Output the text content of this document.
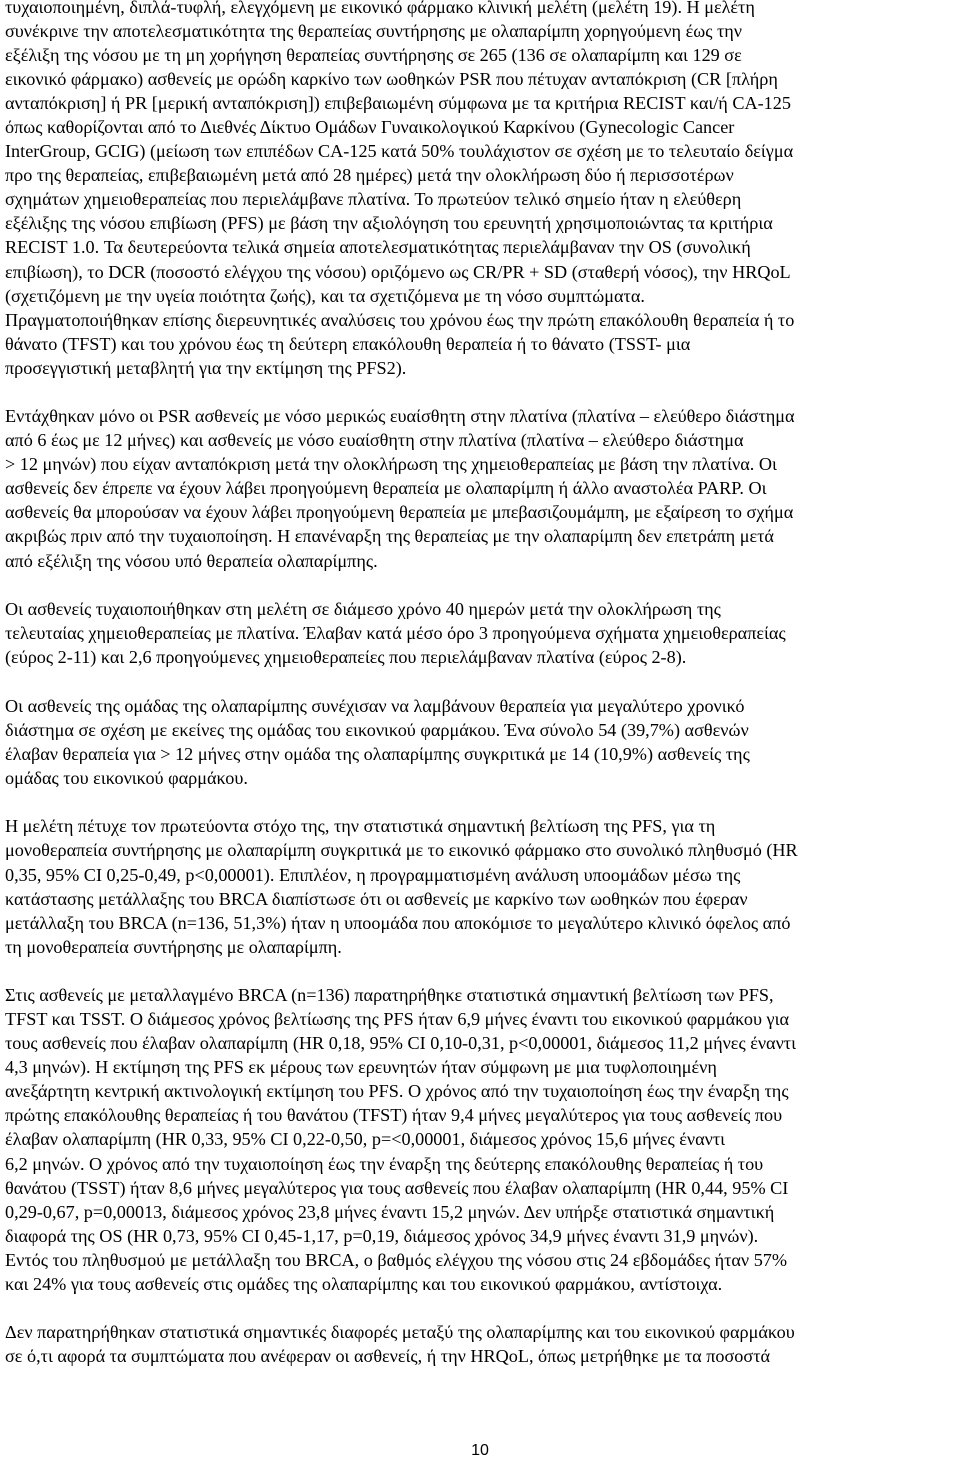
τυχαιοποιημένη, διπλά-τυφλή, ελεγχόμενη με εικονικό φάρμακο κλινική μελέτη (μελέτη 19). Η μελέτη
συνέκρινε την αποτελεσματικότητα της θεραπείας συντήρησης με ολαπαρίμπη χορηγούμενη έως την
εξέλιξη της νόσου με τη μη χορήγηση θεραπείας συντήρησης σε 265 (136 σε ολαπαρίμπη και 129 σε
εικονικό φάρμακο) ασθενείς με ορώδη καρκίνο των ωοθηκών PSR που πέτυχαν ανταπόκριση (CR [πλήρη
ανταπόκριση] ή PR [μερική ανταπόκριση]) επιβεβαιωμένη σύμφωνα με τα κριτήρια RECIST και/ή CA-125
όπως καθορίζονται από το Διεθνές Δίκτυο Ομάδων Γυναικολογικού Καρκίνου (Gynecologic Cancer
InterGroup, GCIG) (μείωση των επιπέδων CA-125 κατά 50% τουλάχιστον σε σχέση με το τελευταίο δείγμα
προ της θεραπείας, επιβεβαιωμένη μετά από 28 ημέρες) μετά την ολοκλήρωση δύο ή περισσοτέρων
σχημάτων χημειοθεραπείας που περιελάμβανε πλατίνα. Το πρωτεύον τελικό σημείο ήταν η ελεύθερη
εξέλιξης της νόσου επιβίωση (PFS) με βάση την αξιολόγηση του ερευνητή χρησιμοποιώντας τα κριτήρια
RECIST 1.0. Τα δευτερεύοντα τελικά σημεία αποτελεσματικότητας περιελάμβαναν την OS (συνολική
επιβίωση), το DCR (ποσοστό ελέγχου της νόσου) οριζόμενο ως CR/PR + SD (σταθερή νόσος), την HRQoL
(σχετιζόμενη με την υγεία ποιότητα ζωής), και τα σχετιζόμενα με τη νόσο συμπτώματα.
Πραγματοποιήθηκαν επίσης διερευνητικές αναλύσεις του χρόνου έως την πρώτη επακόλουθη θεραπεία ή το
θάνατο (TFST) και του χρόνου έως τη δεύτερη επακόλουθη θεραπεία ή το θάνατο (TSST- μια
προσεγγιστική μεταβλητή για την εκτίμηση της PFS2).

Εντάχθηκαν μόνο οι PSR ασθενείς με νόσο μερικώς ευαίσθητη στην πλατίνα (πλατίνα – ελεύθερο διάστημα
από 6 έως με 12 μήνες) και ασθενείς με νόσο ευαίσθητη στην πλατίνα (πλατίνα – ελεύθερο διάστημα
> 12 μηνών) που είχαν ανταπόκριση μετά την ολοκλήρωση της χημειοθεραπείας με βάση την πλατίνα. Οι
ασθενείς δεν έπρεπε να έχουν λάβει προηγούμενη θεραπεία με ολαπαρίμπη ή άλλο αναστολέα PARP. Οι
ασθενείς θα μπορούσαν να έχουν λάβει προηγούμενη θεραπεία με μπεβασιζουμάμπη, με εξαίρεση το σχήμα
ακριβώς πριν από την τυχαιοποίηση. Η επανέναρξη της θεραπείας με την ολαπαρίμπη δεν επετράπη μετά
από εξέλιξη της νόσου υπό θεραπεία ολαπαρίμπης.

Οι ασθενείς τυχαιοποιήθηκαν στη μελέτη σε διάμεσο χρόνο 40 ημερών μετά την ολοκλήρωση της
τελευταίας χημειοθεραπείας με πλατίνα. Έλαβαν κατά μέσο όρο 3 προηγούμενα σχήματα χημειοθεραπείας
(εύρος 2-11) και 2,6 προηγούμενες χημειοθεραπείες που περιελάμβαναν πλατίνα (εύρος 2-8).

Οι ασθενείς της ομάδας της ολαπαρίμπης συνέχισαν να λαμβάνουν θεραπεία για μεγαλύτερο χρονικό
διάστημα σε σχέση με εκείνες της ομάδας του εικονικού φαρμάκου. Ένα σύνολο 54 (39,7%) ασθενών
έλαβαν θεραπεία για > 12 μήνες στην ομάδα της ολαπαρίμπης συγκριτικά με 14 (10,9%) ασθενείς της
ομάδας του εικονικού φαρμάκου.

Η μελέτη πέτυχε τον πρωτεύοντα στόχο της, την στατιστικά σημαντική βελτίωση της PFS, για τη
μονοθεραπεία συντήρησης με ολαπαρίμπη συγκριτικά με το εικονικό φάρμακο στο συνολικό πληθυσμό (HR
0,35, 95% CI 0,25-0,49, p<0,00001). Επιπλέον, η προγραμματισμένη ανάλυση υποομάδων μέσω της
κατάστασης μετάλλαξης του BRCA διαπίστωσε ότι οι ασθενείς με καρκίνο των ωοθηκών που έφεραν
μετάλλαξη του BRCA (n=136, 51,3%) ήταν η υποομάδα που αποκόμισε το μεγαλύτερο κλινικό όφελος από
τη μονοθεραπεία συντήρησης με ολαπαρίμπη.

Στις ασθενείς με μεταλλαγμένο BRCA (n=136) παρατηρήθηκε στατιστικά σημαντική βελτίωση των PFS,
TFST και TSST. Ο διάμεσος χρόνος βελτίωσης της PFS ήταν 6,9 μήνες έναντι του εικονικού φαρμάκου για
τους ασθενείς που έλαβαν ολαπαρίμπη (HR 0,18, 95% CI 0,10-0,31, p<0,00001, διάμεσος 11,2 μήνες έναντι
4,3 μηνών). Η εκτίμηση της PFS εκ μέρους των ερευνητών ήταν σύμφωνη με μια τυφλοποιημένη
ανεξάρτητη κεντρική ακτινολογική εκτίμηση του PFS. Ο χρόνος από την τυχαιοποίηση έως την έναρξη της
πρώτης επακόλουθης θεραπείας ή του θανάτου (TFST) ήταν 9,4 μήνες μεγαλύτερος για τους ασθενείς που
έλαβαν ολαπαρίμπη (HR 0,33, 95% CI 0,22-0,50, p=<0,00001, διάμεσος χρόνος 15,6 μήνες έναντι
6,2 μηνών. Ο χρόνος από την τυχαιοποίηση έως την έναρξη της δεύτερης επακόλουθης θεραπείας ή του
θανάτου (TSST) ήταν 8,6 μήνες μεγαλύτερος για τους ασθενείς που έλαβαν ολαπαρίμπη (HR 0,44, 95% CI
0,29-0,67, p=0,00013, διάμεσος χρόνος 23,8 μήνες έναντι 15,2 μηνών. Δεν υπήρξε στατιστικά σημαντική
διαφορά της OS (HR 0,73, 95% CI 0,45-1,17, p=0,19, διάμεσος χρόνος 34,9 μήνες έναντι 31,9 μηνών).
Εντός του πληθυσμού με μετάλλαξη του BRCA, ο βαθμός ελέγχου της νόσου στις 24 εβδομάδες ήταν 57%
και 24% για τους ασθενείς στις ομάδες της ολαπαρίμπης και του εικονικού φαρμάκου, αντίστοιχα.

Δεν παρατηρήθηκαν στατιστικά σημαντικές διαφορές μεταξύ της ολαπαρίμπης και του εικονικού φαρμάκου
σε ό,τι αφορά τα συμπτώματα που ανέφεραν οι ασθενείς, ή την HRQoL, όπως μετρήθηκε με τα ποσοστά

10
